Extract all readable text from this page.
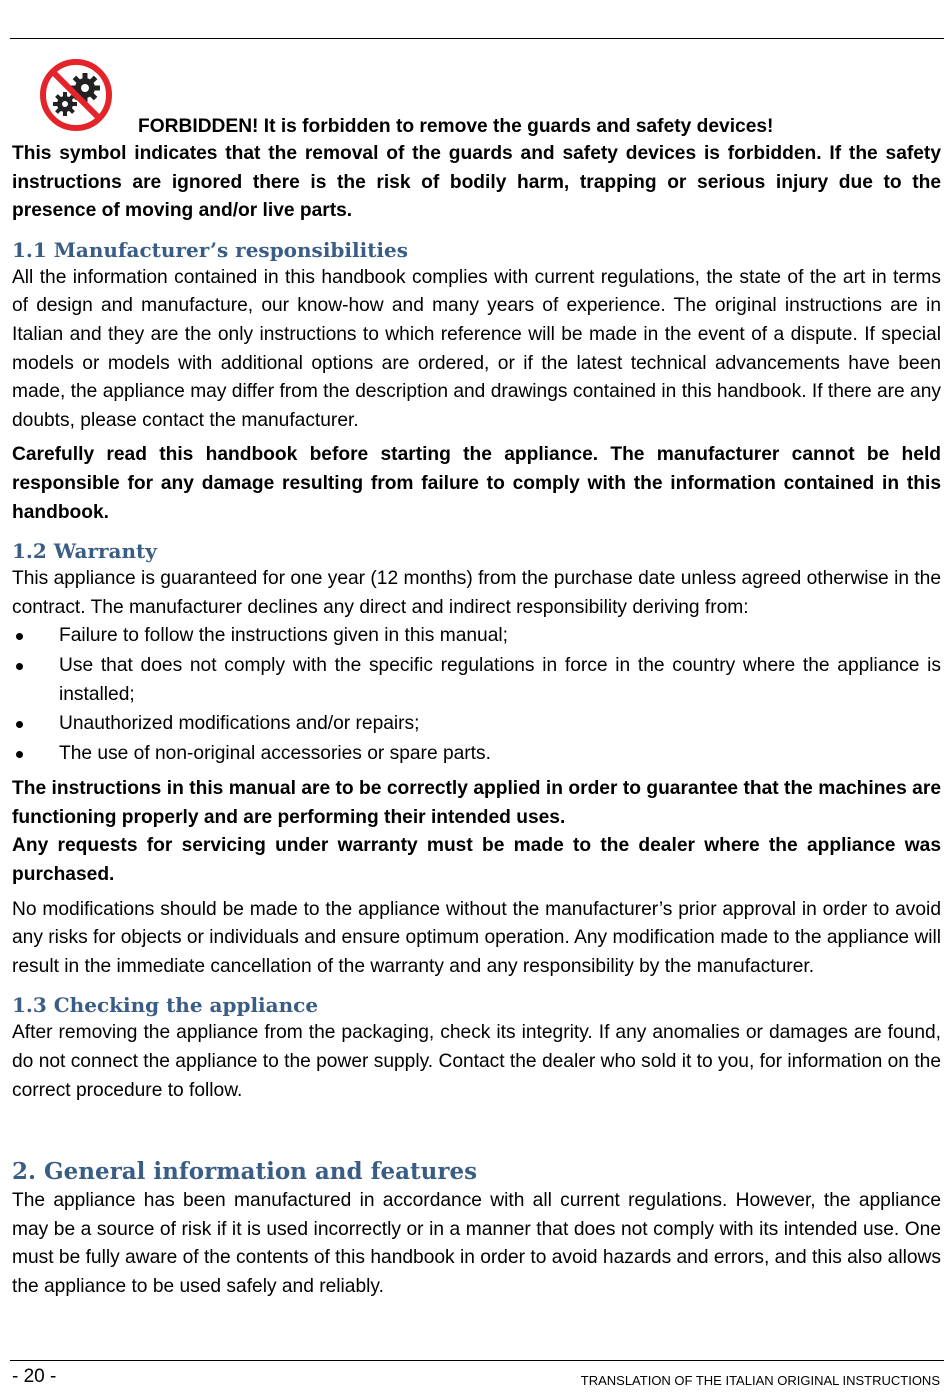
FORBIDDEN! It is forbidden to remove the guards and safety devices!

This symbol indicates that the removal of the guards and safety devices is forbidden. If the safety instructions are ignored there is the risk of bodily harm, trapping or serious injury due to the presence of moving and/or live parts.

1.1 Manufacturer’s responsibilities

All the information contained in this handbook complies with current regulations, the state of the art in terms of design and manufacture, our know-how and many years of experience. The original instructions are in Italian and they are the only instructions to which reference will be made in the event of a dispute. If special models or models with additional options are ordered, or if the latest technical advancements have been made, the appliance may differ from the description and drawings contained in this handbook. If there are any doubts, please contact the manufacturer.

Carefully read this handbook before starting the appliance. The manufacturer cannot be held responsible for any damage resulting from failure to comply with the information contained in this handbook.

1.2 Warranty

This appliance is guaranteed for one year (12 months) from the purchase date unless agreed otherwise in the contract. The manufacturer declines any direct and indirect responsibility deriving from:

Failure to follow the instructions given in this manual;
Use that does not comply with the specific regulations in force in the country where the appliance is installed;
Unauthorized modifications and/or repairs;
The use of non-original accessories or spare parts.

The instructions in this manual are to be correctly applied in order to guarantee that the machines are functioning properly and are performing their intended uses.

Any requests for servicing under warranty must be made to the dealer where the appliance was purchased.

No modifications should be made to the appliance without the manufacturer’s prior approval in order to avoid any risks for objects or individuals and ensure optimum operation. Any modification made to the appliance will result in the immediate cancellation of the warranty and any responsibility by the manufacturer.

1.3 Checking the appliance

After removing the appliance from the packaging, check its integrity. If any anomalies or damages are found, do not connect the appliance to the power supply. Contact the dealer who sold it to you, for information on the correct procedure to follow.

2. General information and features

The appliance has been manufactured in accordance with all current regulations. However, the appliance may be a source of risk if it is used incorrectly or in a manner that does not comply with its intended use. One must be fully aware of the contents of this handbook in order to avoid hazards and errors, and this also allows the appliance to be used safely and reliably.

- 20 -	TRANSLATION OF THE ITALIAN ORIGINAL INSTRUCTIONS
